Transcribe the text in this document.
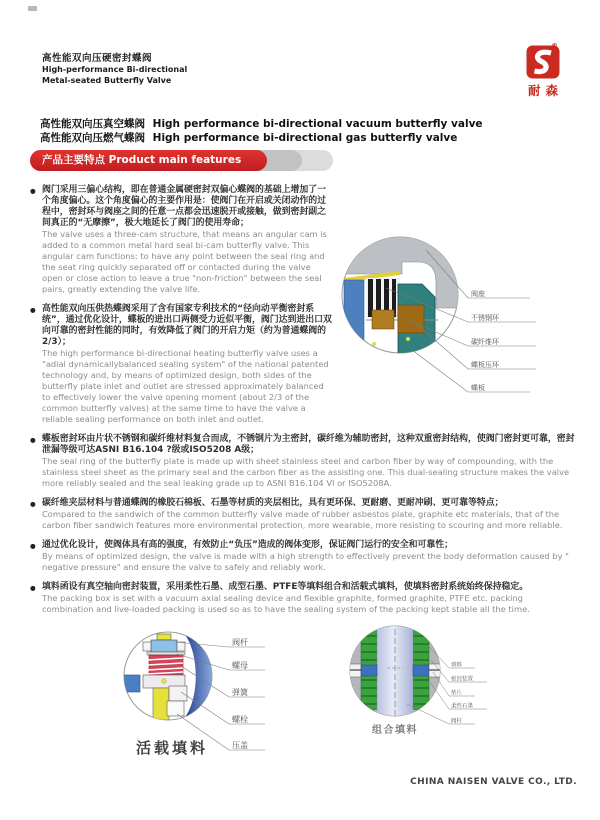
高性能双向压硬密封蝶阀
High-performance Bi-directional
Metal-seated Butterfly Valve
®
耐森
高性能双向压真空蝶阀 High performance bi-directional vacuum butterfly valve
高性能双向压燃气蝶阀 High performance bi-directional gas butterfly valve
产品主要特点 Product main features
● 阀门采用三偏心结构，即在普通金属硬密封双偏心蝶阀的基础上增加了一个角度偏心。这个角度偏心的主要作用是：使阀门在开启或关闭动作的过程中，密封环与阀座之间的任意一点都会迅速脱开或接触，做到密封副之间真正的“无摩擦”，极大地延长了阀门的使用寿命；
The valve uses a three-cam structure, that means an angular cam is added to a common metal hard seal bi-cam butterfly valve. This angular cam functions: to have any point between the seal ring and the seat ring quickly separated off or contacted during the valve open or close action to leave a true "non-friction" between the seal pairs, greatly extending the valve life.
● 高性能双向压供热蝶阀采用了含有国家专利技术的“径向动平衡密封系统”，通过优化设计，蝶板的进出口两侧受力近似平衡，阀门达到进出口双向可靠的密封性能的同时，有效降低了阀门的开启力矩（约为普通蝶阀的2/3）；
The high performance bi-directional heating butterfly valve uses a "adial dynamicallybalanced sealing system" of the national patented technology and, by means of optimized design, both sides of the butterfly plate inlet and outlet are stressed approximately balanced to effectively lower the valve opening moment (about 2/3 of the common butterfly valves) at the same time to have the valve a reliable sealing performance on both inlet and outlet.
● 蝶板密封环由片状不锈钢和碳纤维材料复合而成，不锈钢片为主密封，碳纤维为辅助密封，这种双重密封结构，使阀门密封更可靠，密封泄漏等级可达ASNI B16.104 ?级或ISO5208 A级；
The seal ring of the butterfly plate is made up with sheet stainless steel and carbon fiber by way of compounding, with the stainless steel sheet as the primary seal and the carbon fiber as the assisting one. This dual-sealing structure makes the valve more reliably sealed and the seal leaking grade up to ASNI B16.104 VI or ISO5208A.
● 碳纤维夹层材料与普通蝶阀的橡胶石棉板、石墨等材质的夹层相比，具有更环保、更耐磨、更耐冲刷、更可靠等特点；
Compared to the sandwich of the common butterfly valve made of rubber asbestos plate, graphite etc materials, that of the carbon fiber sandwich features more environmental protection, more wearable, more resisting to scouring and more reliable.
● 通过优化设计，使阀体具有高的强度，有效防止“负压”造成的阀体变形，保证阀门运行的安全和可靠性；
By means of optimized design, the valve is made with a high strength to effectively prevent the body deformation caused by " negative pressure" and ensure the valve to safely and reliably work.
● 填料函设有真空轴向密封装置，采用柔性石墨、成型石墨、PTFE等填料组合和活载式填料，使填料密封系统始终保持稳定。
The packing box is set with a vacuum axial sealing device and flexible graphite, formed graphite, PTFE etc. packing combination and live-loaded packing is used so as to have the sealing system of the packing kept stable all the time.
阀座
不锈钢环
碳纤维环
蝶板压环
蝶板
阀杆
螺母
弹簧
螺栓
压盖
活载填料
填料
密封装置
垫片
柔性石墨
阀杆
组合填料
CHINA NAISEN VALVE CO., LTD.
